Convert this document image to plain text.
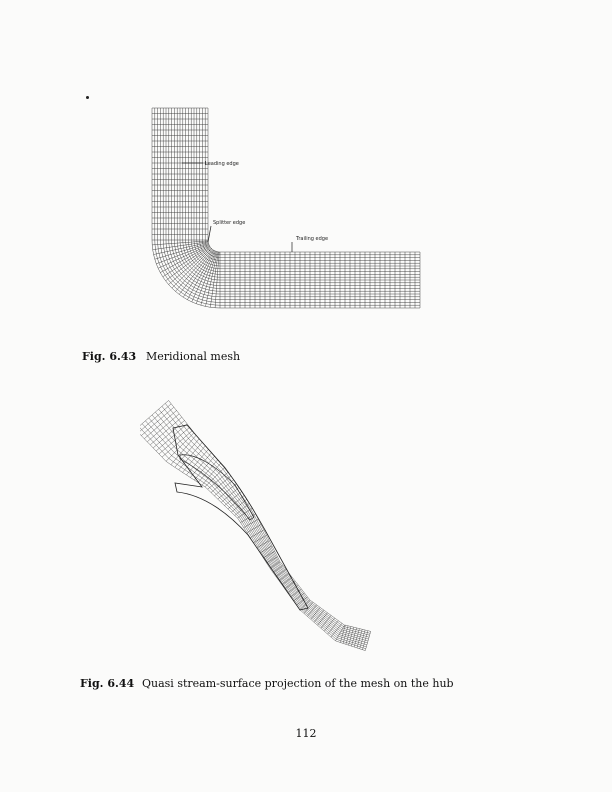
Leading edge
Splitter edge
Trailing edge
Fig. 6.43 Meridional mesh
Fig. 6.44 Quasi stream-surface projection of the mesh on the hub
112
